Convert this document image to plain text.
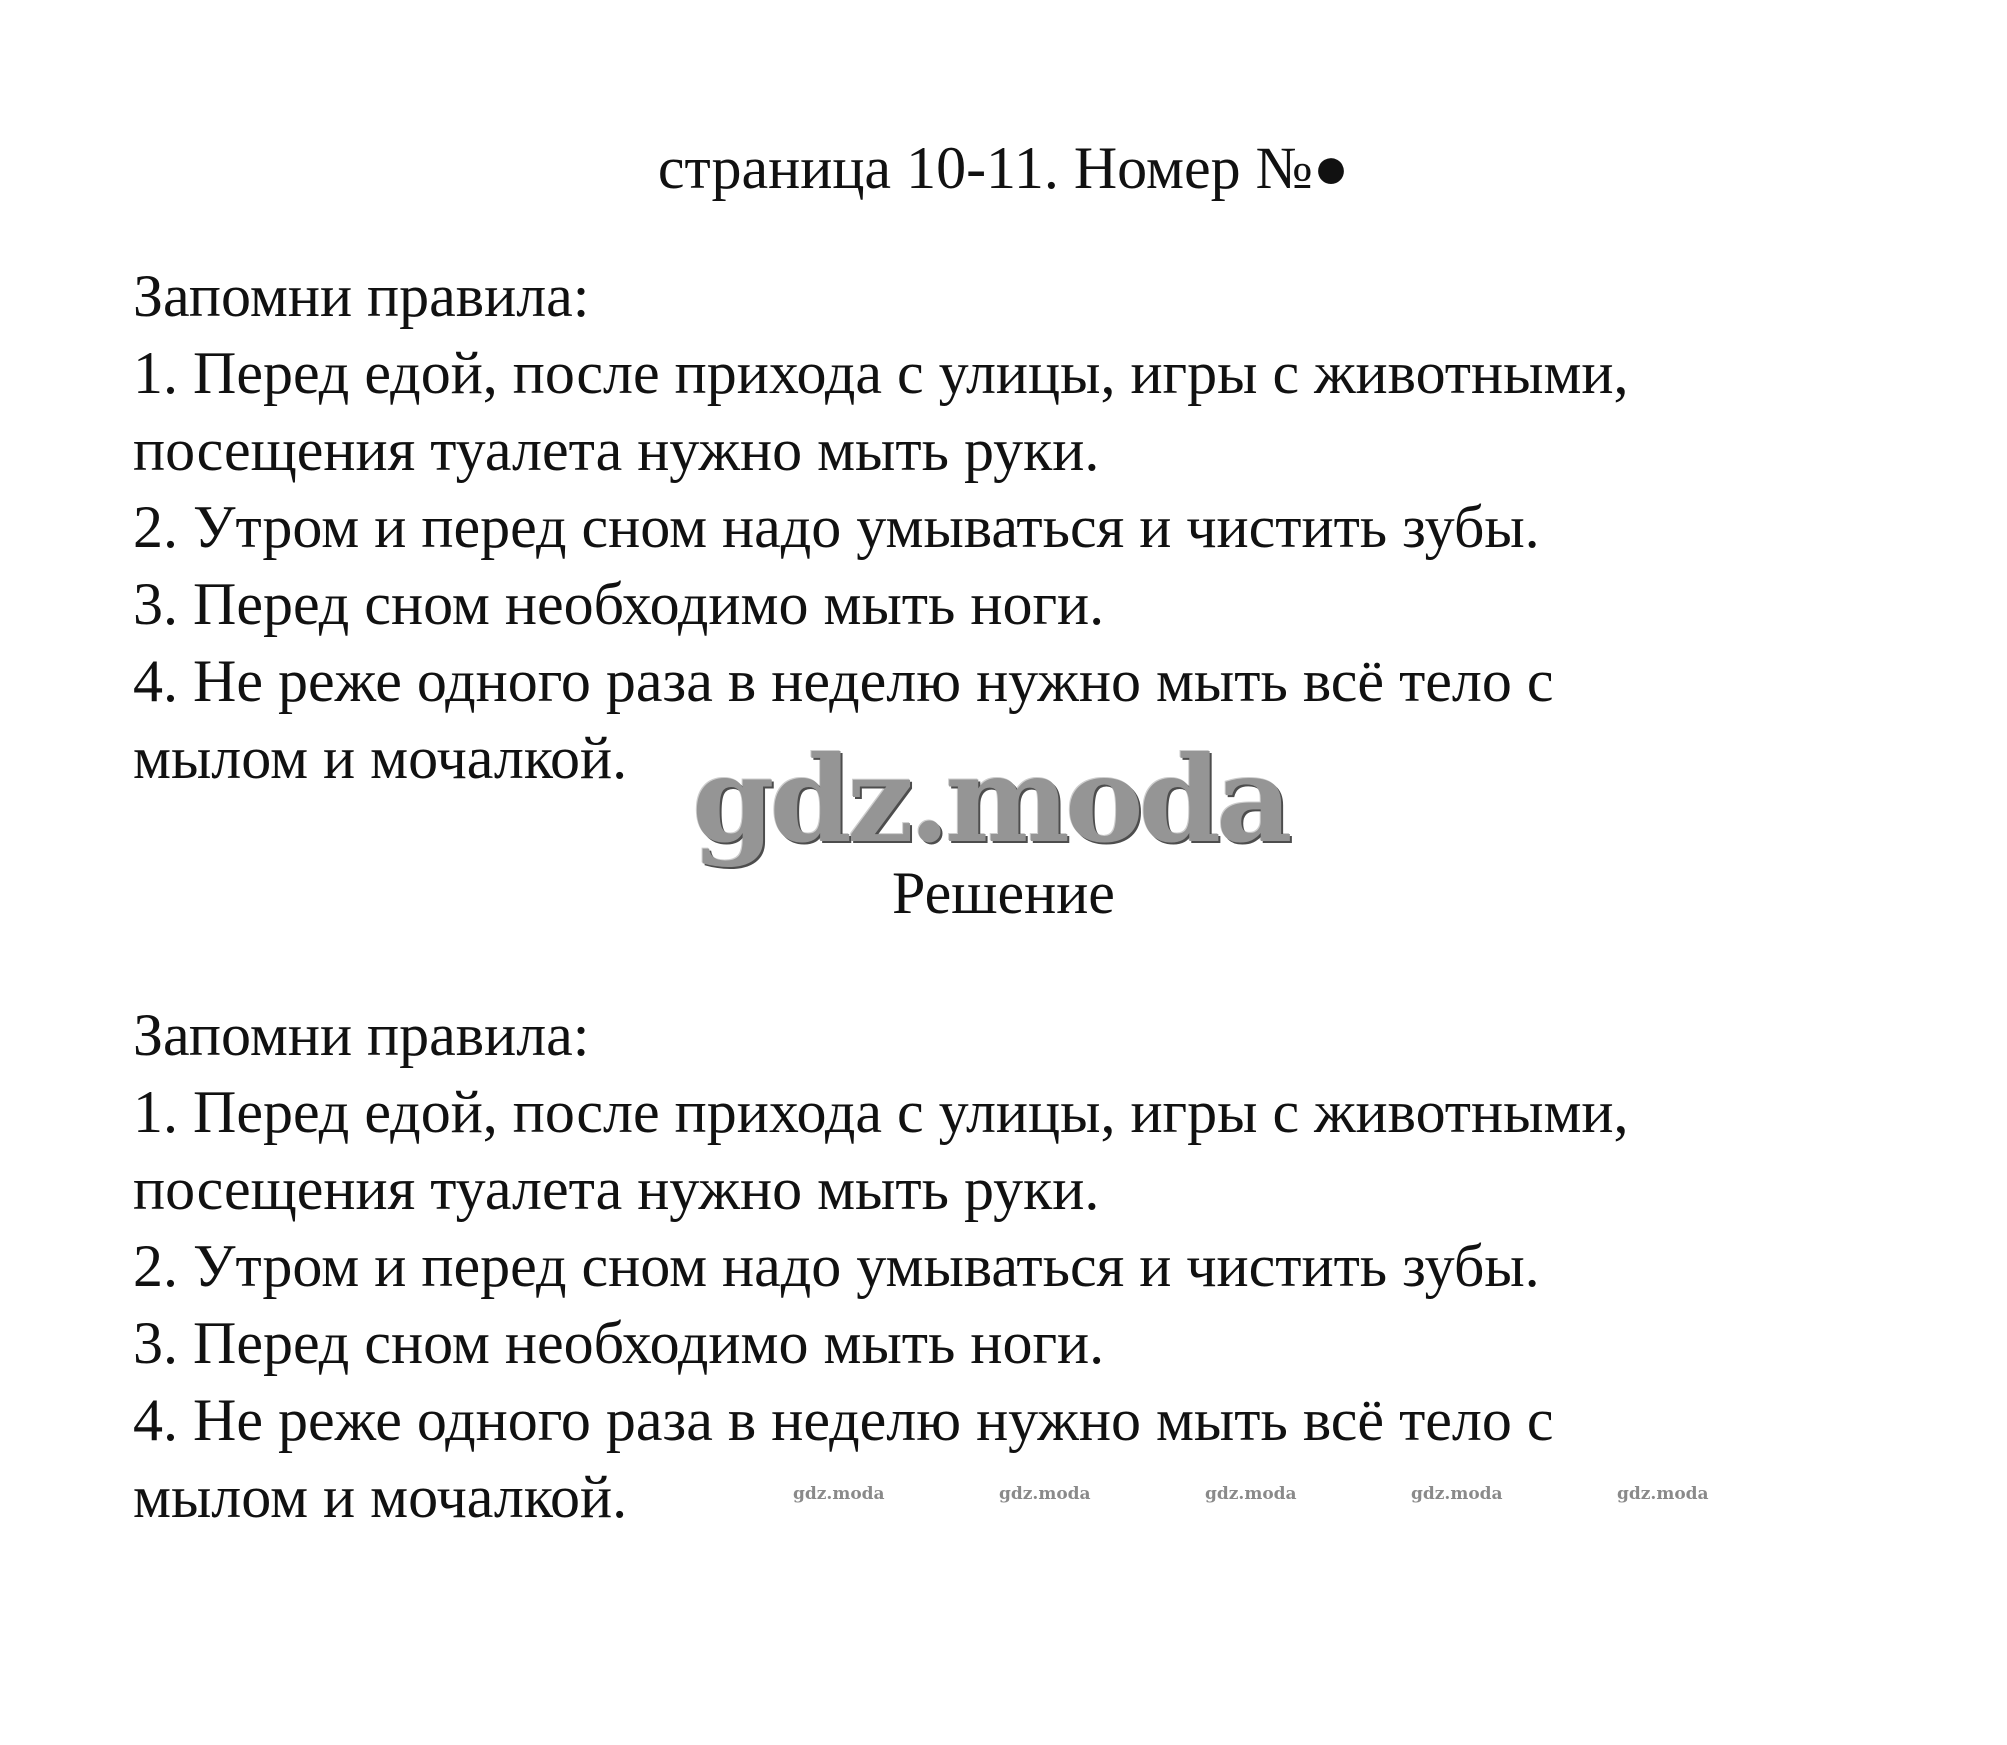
страница 10-11. Номер №●

Запомни правила:

1. Перед едой, после прихода с улицы, игры с животными,

посещения туалета нужно мыть руки.

2. Утром и перед сном надо умываться и чистить зубы.

3. Перед сном необходимо мыть ноги.

4. Не реже одного раза в неделю нужно мыть всё тело с

мылом и мочалкой. gdz.moda
Решение

Запомни правила:

1. Перед едой, после прихода с улицы, игры с животными,

посещения туалета нужно мыть руки.

2. Утром и перед сном надо умываться и чистить зубы.

3. Перед сном необходимо мыть ноги.

4. Не реже одного раза в неделю нужно мыть всё тело с

мылом и мочалкой.	gdz.moda	gdz.moda	gdz.moda	gdz.moda	gdz.moda
